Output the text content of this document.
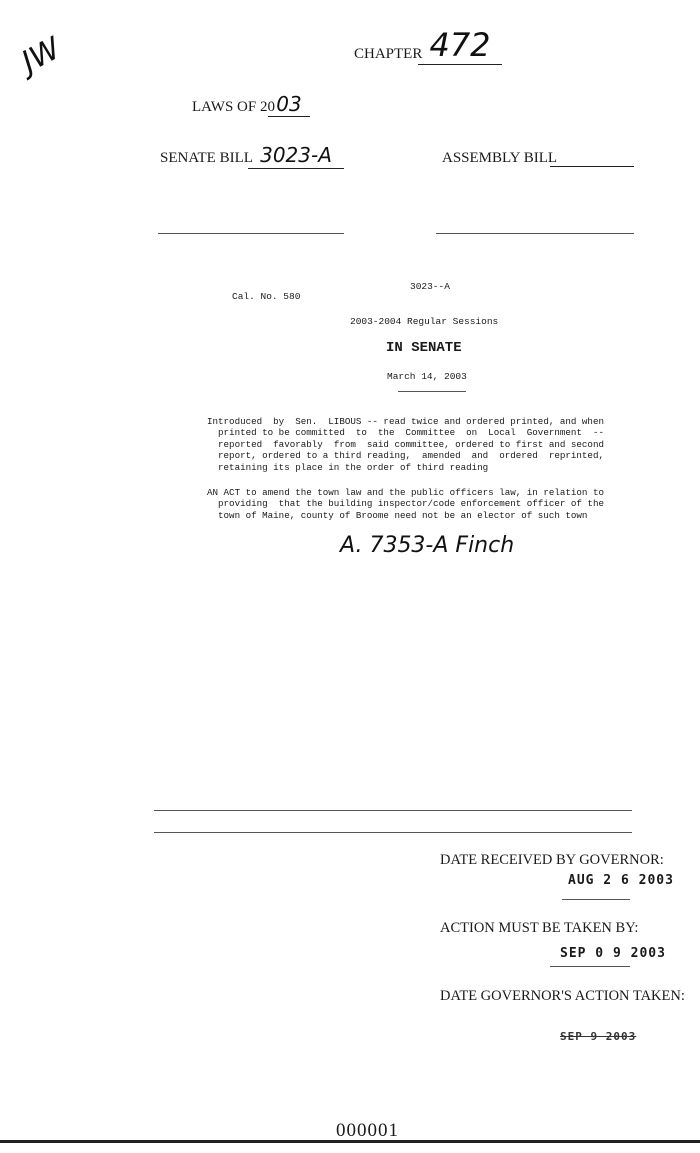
JW	CHAPTER 472
LAWS OF 20 03
SENATE BILL 3023-A	ASSEMBLY BILL
3023--A
Cal. No. 580
2003-2004 Regular Sessions
IN SENATE
March 14, 2003

Introduced  by  Sen.  LIBOUS -- read twice and ordered printed, and when
printed to be committed  to  the  Committee  on  Local  Government  --
reported  favorably  from  said committee, ordered to first and second
report, ordered to a third reading,  amended  and  ordered  reprinted,
retaining its place in the order of third reading

AN ACT to amend the town law and the public officers law, in relation to
providing  that the building inspector/code enforcement officer of the
town of Maine, county of Broome need not be an elector of such town
A. 7353-A Finch
DATE RECEIVED BY GOVERNOR:
AUG 2 6 2003
ACTION MUST BE TAKEN BY:
SEP 0 9 2003
DATE GOVERNOR'S ACTION TAKEN:
SEP 9 2003
000001
